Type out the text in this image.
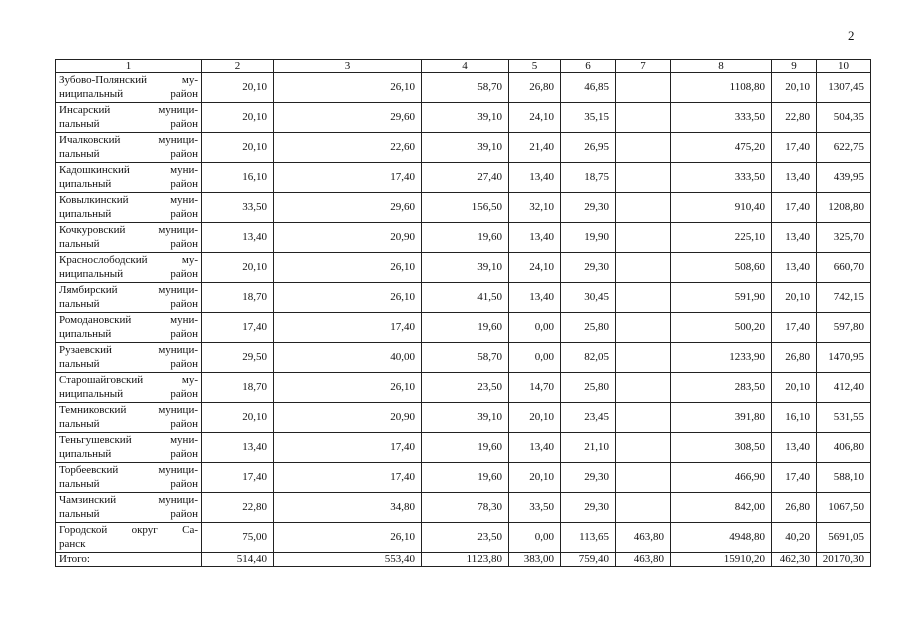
2
1	2	3	4	5	6	7	8	9	10

Зубово-Полянский му-
ниципальный район	20,10	26,10	58,70	26,80	46,85		1108,80	20,10	1307,45

Инсарский муници-
пальный район	20,10	29,60	39,10	24,10	35,15		333,50	22,80	504,35

Ичалковский муници-
пальный район	20,10	22,60	39,10	21,40	26,95		475,20	17,40	622,75

Кадошкинский муни-
ципальный район	16,10	17,40	27,40	13,40	18,75		333,50	13,40	439,95

Ковылкинский муни-
ципальный район	33,50	29,60	156,50	32,10	29,30		910,40	17,40	1208,80

Кочкуровский муници-
пальный район	13,40	20,90	19,60	13,40	19,90		225,10	13,40	325,70

Краснослободский му-
ниципальный район	20,10	26,10	39,10	24,10	29,30		508,60	13,40	660,70

Лямбирский муници-
пальный район	18,70	26,10	41,50	13,40	30,45		591,90	20,10	742,15

Ромодановский муни-
ципальный район	17,40	17,40	19,60	0,00	25,80		500,20	17,40	597,80

Рузаевский муници-
пальный район	29,50	40,00	58,70	0,00	82,05		1233,90	26,80	1470,95

Старошайговский му-
ниципальный район	18,70	26,10	23,50	14,70	25,80		283,50	20,10	412,40

Темниковский муници-
пальный район	20,10	20,90	39,10	20,10	23,45		391,80	16,10	531,55

Теньгушевский муни-
ципальный район	13,40	17,40	19,60	13,40	21,10		308,50	13,40	406,80

Торбеевский муници-
пальный район	17,40	17,40	19,60	20,10	29,30		466,90	17,40	588,10

Чамзинский муници-
пальный район	22,80	34,80	78,30	33,50	29,30		842,00	26,80	1067,50

Городской округ Са-
ранск	75,00	26,10	23,50	0,00	113,65	463,80	4948,80	40,20	5691,05
Итого:	514,40	553,40	1123,80	383,00	759,40	463,80	15910,20	462,30	20170,30
